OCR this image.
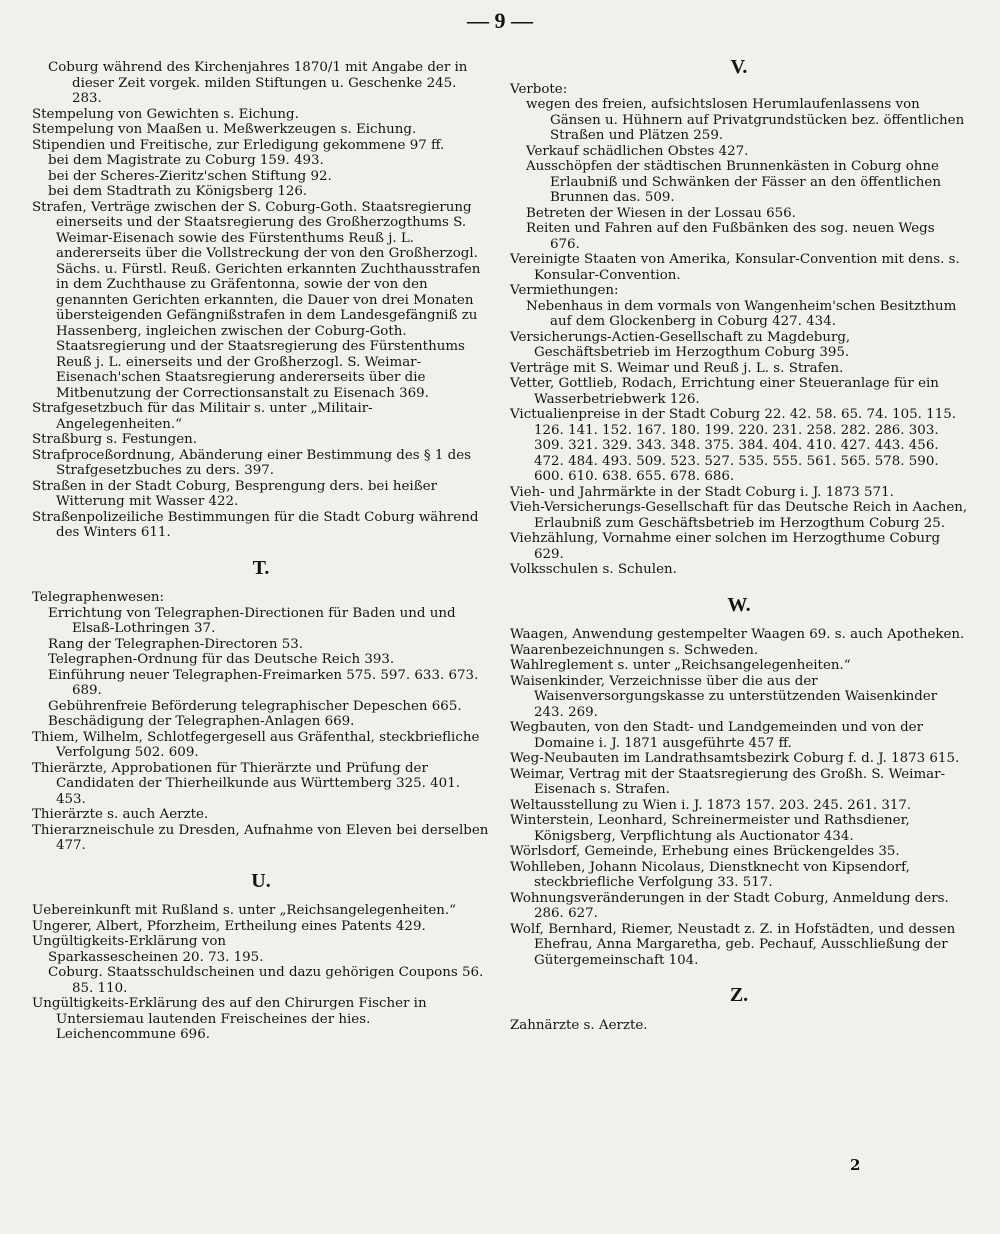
— 9 —

Coburg während des Kirchenjahres 1870/1 mit Angabe der in dieser Zeit vorgek. milden Stiftungen u. Geschenke 245. 283.

Stempelung von Gewichten s. Eichung.

Stempelung von Maaßen u. Meßwerkzeugen s. Eichung.

Stipendien und Freitische, zur Erledigung gekommene 97 ff.

bei dem Magistrate zu Coburg 159. 493.

bei der Scheres-Zieritz'schen Stiftung 92.

bei dem Stadtrath zu Königsberg 126.

Strafen, Verträge zwischen der S. Coburg-Goth. Staatsregierung einerseits und der Staatsregierung des Großherzogthums S. Weimar-Eisenach sowie des Fürstenthums Reuß j. L. andererseits über die Vollstreckung der von den Großherzogl. Sächs. u. Fürstl. Reuß. Gerichten erkannten Zuchthausstrafen in dem Zuchthause zu Gräfentonna, sowie der von den genannten Gerichten erkannten, die Dauer von drei Monaten übersteigenden Gefängnißstrafen in dem Landesgefängniß zu Hassenberg, ingleichen zwischen der Coburg-Goth. Staatsregierung und der Staatsregierung des Fürstenthums Reuß j. L. einerseits und der Großherzogl. S. Weimar-Eisenach'schen Staatsregierung andererseits über die Mitbenutzung der Correctionsanstalt zu Eisenach 369.

Strafgesetzbuch für das Militair s. unter „Militair-Angelegenheiten.“

Straßburg s. Festungen.

Strafproceßordnung, Abänderung einer Bestimmung des § 1 des Strafgesetzbuches zu ders. 397.

Straßen in der Stadt Coburg, Besprengung ders. bei heißer Witterung mit Wasser 422.

Straßenpolizeiliche Bestimmungen für die Stadt Coburg während des Winters 611.

T.

Telegraphenwesen:

Errichtung von Telegraphen-Directionen für Baden und und Elsaß-Lothringen 37.

Rang der Telegraphen-Directoren 53.

Telegraphen-Ordnung für das Deutsche Reich 393.

Einführung neuer Telegraphen-Freimarken 575. 597. 633. 673. 689.

Gebührenfreie Beförderung telegraphischer Depeschen 665.

Beschädigung der Telegraphen-Anlagen 669.

Thiem, Wilhelm, Schlotfegergesell aus Gräfenthal, steckbriefliche Verfolgung 502. 609.

Thierärzte, Approbationen für Thierärzte und Prüfung der Candidaten der Thierheilkunde aus Württemberg 325. 401. 453.

Thierärzte s. auch Aerzte.

Thierarzneischule zu Dresden, Aufnahme von Eleven bei derselben 477.

U.

Uebereinkunft mit Rußland s. unter „Reichsangelegenheiten.“

Ungerer, Albert, Pforzheim, Ertheilung eines Patents 429.

Ungültigkeits-Erklärung von

Sparkassescheinen 20. 73. 195.

Coburg. Staatsschuldscheinen und dazu gehörigen Coupons 56. 85. 110.

Ungültigkeits-Erklärung des auf den Chirurgen Fischer in Untersiemau lautenden Freischeines der hies. Leichencommune 696.

V.

Verbote:

wegen des freien, aufsichtslosen Herumlaufenlassens von Gänsen u. Hühnern auf Privatgrundstücken bez. öffentlichen Straßen und Plätzen 259.

Verkauf schädlichen Obstes 427.

Ausschöpfen der städtischen Brunnenkästen in Coburg ohne Erlaubniß und Schwänken der Fässer an den öffentlichen Brunnen das. 509.

Betreten der Wiesen in der Lossau 656.

Reiten und Fahren auf den Fußbänken des sog. neuen Wegs 676.

Vereinigte Staaten von Amerika, Konsular-Convention mit dens. s. Konsular-Convention.

Vermiethungen:

Nebenhaus in dem vormals von Wangenheim'schen Besitzthum auf dem Glockenberg in Coburg 427. 434.

Versicherungs-Actien-Gesellschaft zu Magdeburg, Geschäftsbetrieb im Herzogthum Coburg 395.

Verträge mit S. Weimar und Reuß j. L. s. Strafen.

Vetter, Gottlieb, Rodach, Errichtung einer Steueranlage für ein Wasserbetriebwerk 126.

Victualienpreise in der Stadt Coburg 22. 42. 58. 65. 74. 105. 115. 126. 141. 152. 167. 180. 199. 220. 231. 258. 282. 286. 303. 309. 321. 329. 343. 348. 375. 384. 404. 410. 427. 443. 456. 472. 484. 493. 509. 523. 527. 535. 555. 561. 565. 578. 590. 600. 610. 638. 655. 678. 686.

Vieh- und Jahrmärkte in der Stadt Coburg i. J. 1873 571.

Vieh-Versicherungs-Gesellschaft für das Deutsche Reich in Aachen, Erlaubniß zum Geschäftsbetrieb im Herzogthum Coburg 25.

Viehzählung, Vornahme einer solchen im Herzogthume Coburg 629.

Volksschulen s. Schulen.

W.

Waagen, Anwendung gestempelter Waagen 69. s. auch Apotheken.

Waarenbezeichnungen s. Schweden.

Wahlreglement s. unter „Reichsangelegenheiten.“

Waisenkinder, Verzeichnisse über die aus der Waisenversorgungskasse zu unterstützenden Waisenkinder 243. 269.

Wegbauten, von den Stadt- und Landgemeinden und von der Domaine i. J. 1871 ausgeführte 457 ff.

Weg-Neubauten im Landrathsamtsbezirk Coburg f. d. J. 1873 615.

Weimar, Vertrag mit der Staatsregierung des Großh. S. Weimar-Eisenach s. Strafen.

Weltausstellung zu Wien i. J. 1873 157. 203. 245. 261. 317.

Winterstein, Leonhard, Schreinermeister und Rathsdiener, Königsberg, Verpflichtung als Auctionator 434.

Wörlsdorf, Gemeinde, Erhebung eines Brückengeldes 35.

Wohlleben, Johann Nicolaus, Dienstknecht von Kipsendorf, steckbriefliche Verfolgung 33. 517.

Wohnungsveränderungen in der Stadt Coburg, Anmeldung ders. 286. 627.

Wolf, Bernhard, Riemer, Neustadt z. Z. in Hofstädten, und dessen Ehefrau, Anna Margaretha, geb. Pechauf, Ausschließung der Gütergemeinschaft 104.

Z.

Zahnärzte s. Aerzte.

2
